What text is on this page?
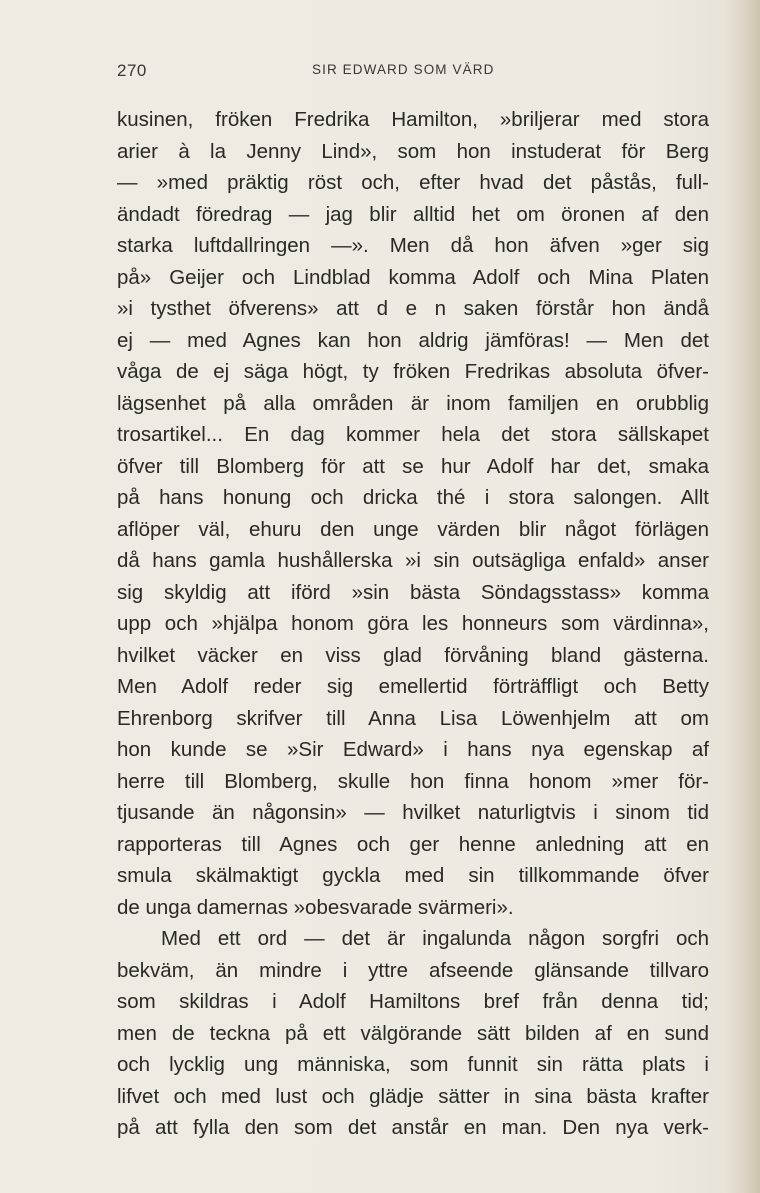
270	SIR EDWARD SOM VÄRD
kusinen, fröken Fredrika Hamilton, »briljerar med stora
arier à la Jenny Lind», som hon instuderat för Berg
— »med präktig röst och, efter hvad det påstås, full-
ändadt föredrag — jag blir alltid het om öronen af den
starka luftdallringen —». Men då hon äfven »ger sig
på» Geijer och Lindblad komma Adolf och Mina Platen
»i tysthet öfverens» att d e n saken förstår hon ändå
ej — med Agnes kan hon aldrig jämföras! — Men det
våga de ej säga högt, ty fröken Fredrikas absoluta öfver-
lägsenhet på alla områden är inom familjen en orubblig
trosartikel... En dag kommer hela det stora sällskapet
öfver till Blomberg för att se hur Adolf har det, smaka
på hans honung och dricka thé i stora salongen. Allt
aflöper väl, ehuru den unge värden blir något förlägen
då hans gamla hushållerska »i sin outsägliga enfald» anser
sig skyldig att iförd »sin bästa Söndagsstass» komma
upp och »hjälpa honom göra les honneurs som värdinna»,
hvilket väcker en viss glad förvåning bland gästerna.
Men Adolf reder sig emellertid förträffligt och Betty
Ehrenborg skrifver till Anna Lisa Löwenhjelm att om
hon kunde se »Sir Edward» i hans nya egenskap af
herre till Blomberg, skulle hon finna honom »mer för-
tjusande än någonsin» — hvilket naturligtvis i sinom tid
rapporteras till Agnes och ger henne anledning att en
smula skälmaktigt gyckla med sin tillkommande öfver
de unga damernas »obesvarade svärmeri».
Med ett ord — det är ingalunda någon sorgfri och
bekväm, än mindre i yttre afseende glänsande tillvaro
som skildras i Adolf Hamiltons bref från denna tid;
men de teckna på ett välgörande sätt bilden af en sund
och lycklig ung människa, som funnit sin rätta plats i
lifvet och med lust och glädje sätter in sina bästa krafter
på att fylla den som det anstår en man. Den nya verk-
